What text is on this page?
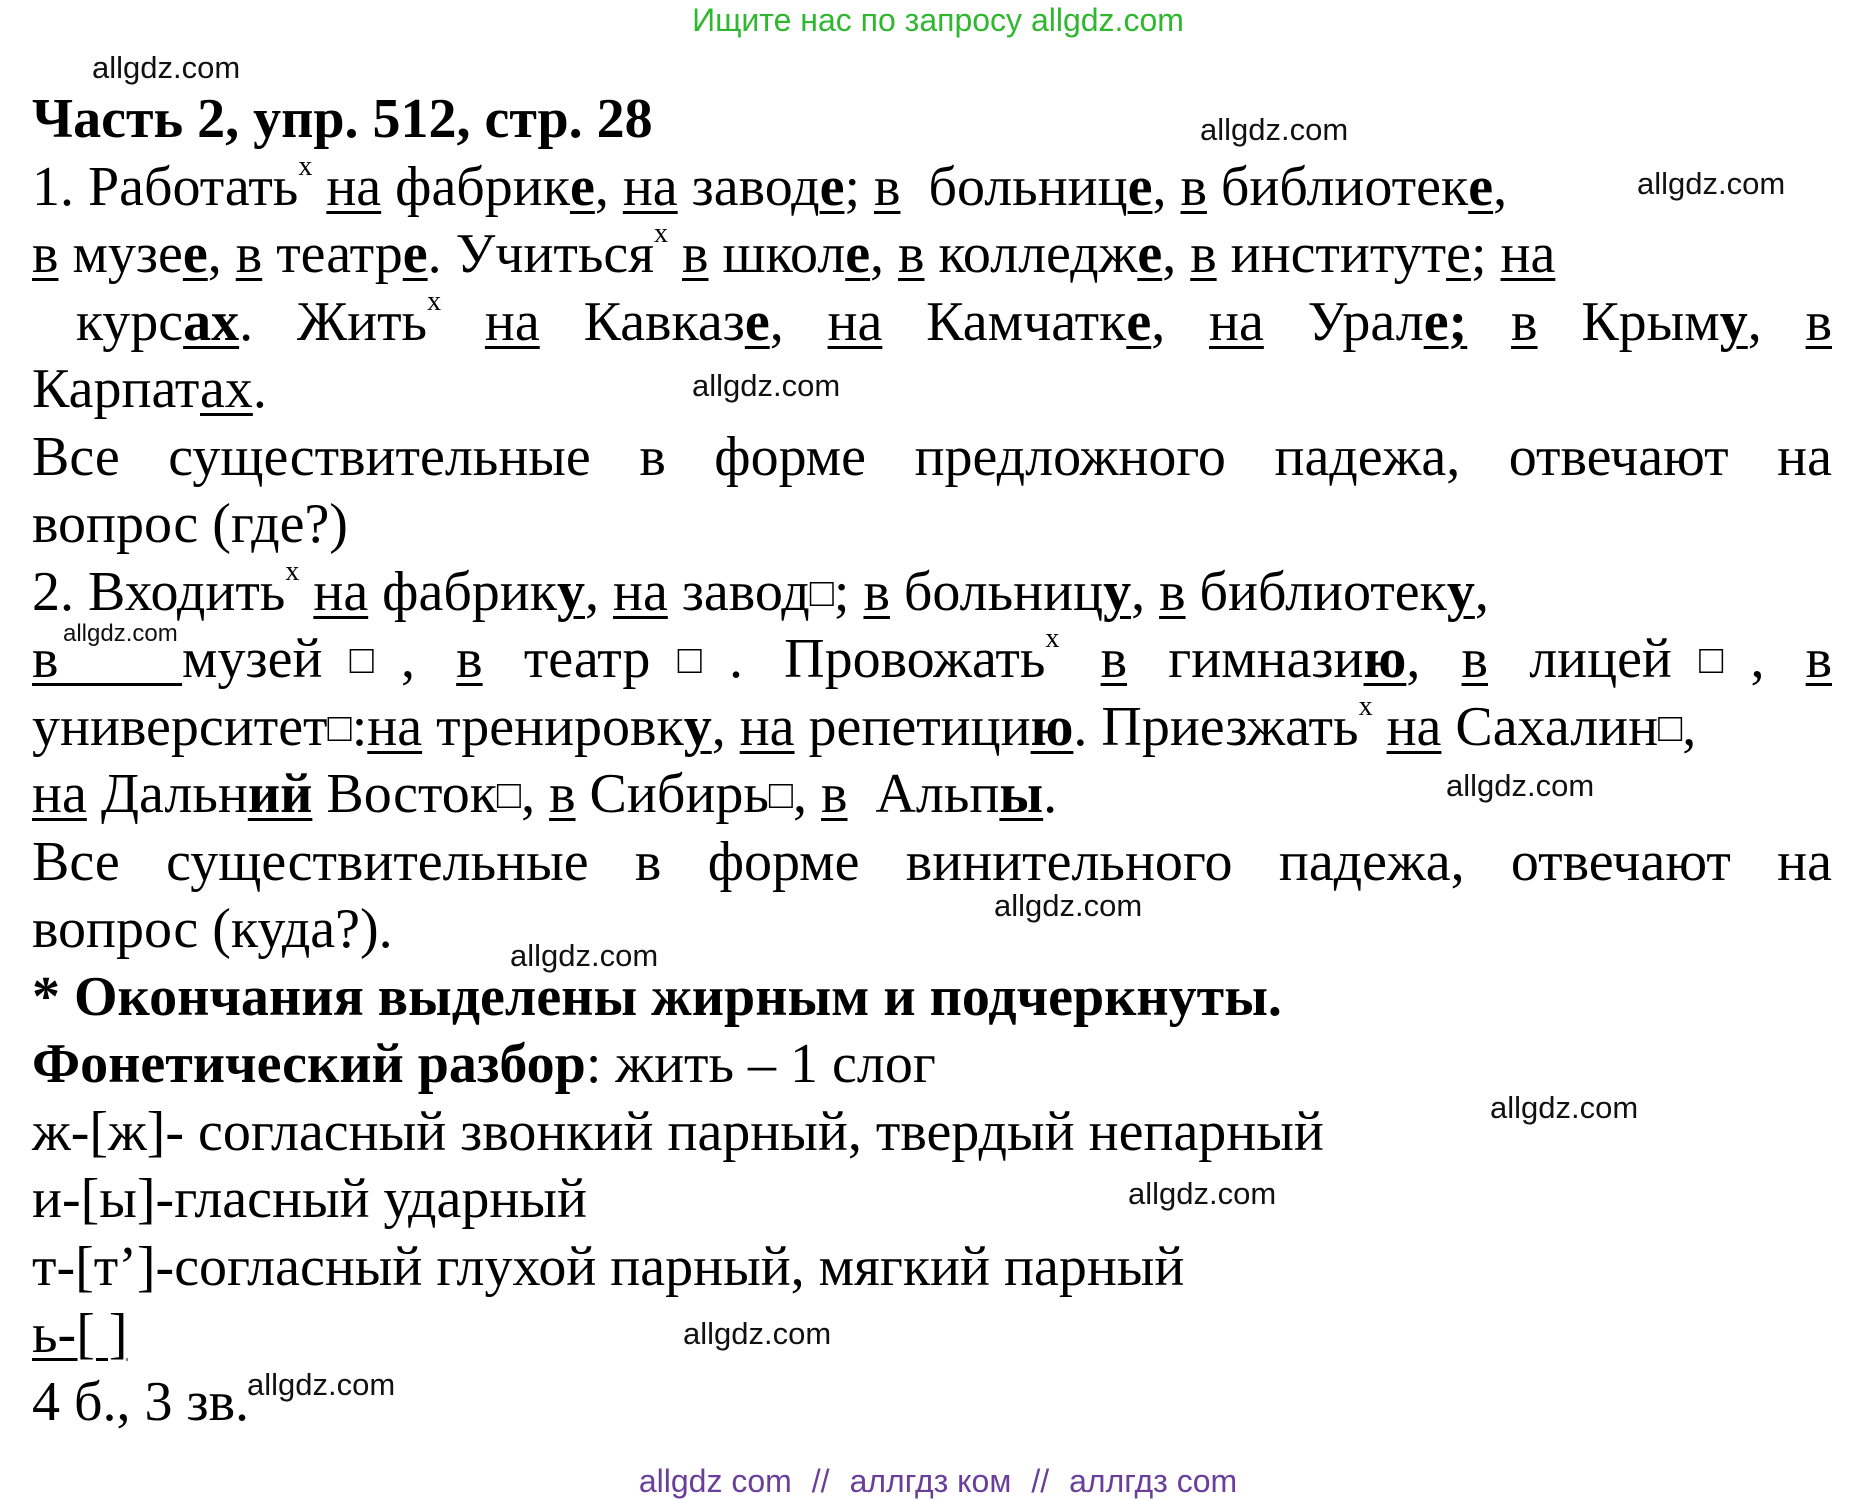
Ищите нас по запросу allgdz.com
allgdz.com
allgdz.com
allgdz.com
allgdz.com
allgdz.com
allgdz.com
allgdz.com
allgdz.com
allgdz.com
allgdz.com
allgdz.com
allgdz.com
Часть 2, упр. 512, стр. 28
1. Работать$^x$ на фабрике, на заводе; в больнице, в библиотеке,
в музее, в театре. Учиться$^x$ в школе, в колледже, в институте; на
курсах. Жить$^x$ на Кавказе, на Камчатке, на Урале; в Крыму, в
Карпатах.
Все существительные в форме предложного падежа, отвечают на
вопрос (где?)
2. Входить$^x$ на фабрику, на завод□; в больницу, в библиотеку,
в музей□, в театр□. Провожать$^x$ в гимназию, в лицей□, в
университет□:на тренировку, на репетицию. Приезжать$^x$ на Сахалин□,
на Дальний Восток□, в Сибирь□, в Альпы.
Все существительные в форме винительного падежа, отвечают на
вопрос (куда?).
* Окончания выделены жирным и подчеркнуты.
Фонетический разбор: жить – 1 слог
ж-[ж]- согласный звонкий парный, твердый непарный
и-[ы]-гласный ударный
т-[т’]-согласный глухой парный, мягкий парный
ь-[ ]
4 б., 3 зв.
allgdz com // аллгдз ком // аллгдз com
